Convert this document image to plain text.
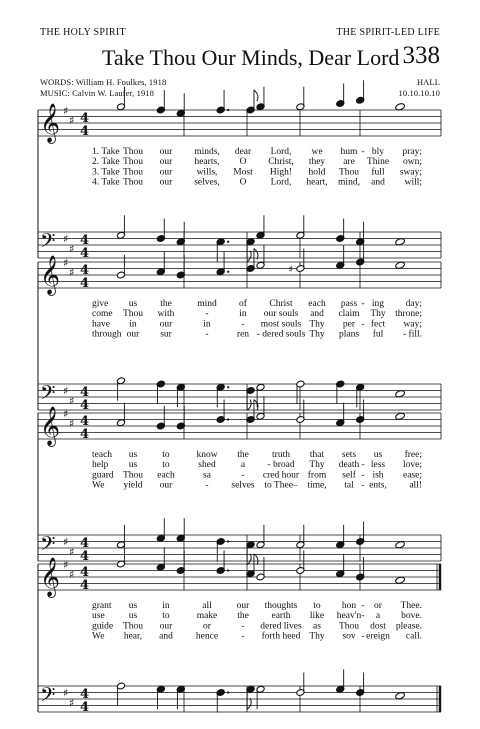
THE HOLY SPIRIT	THE SPIRIT-LED LIFE
Take Thou Our Minds, Dear Lord 338
WORDS: William H. Foulkes, 1918
MUSIC: Calvin W. Laufer, 1918
HALL
10.10.10.10
𝄞 ♯
♯ 4
4
𝄢 ♯
♯
4
4
1. Take Thou our minds, dear Lord, we hum - bly pray;
2. Take Thou our hearts, O Christ, they are Thine own;
3. Take Thou our	wills, Most High! hold Thou full sway;
4. Take Thou our selves, O	Lord, heart, mind, and will;
𝄞 ♯
♯ 4
4
𝄢 ♯
♯
4
4
♯
give us the	mind of Christ each pass - ing day;
come Thou with	-	in our souls and claim Thy throne;
have in our	in	- most souls Thy per - fect way;
through our sur	-	ren - dered souls Thy plans ful - fill.
𝄞 ♯
♯ 4
4
𝄢 ♯
♯
4
4
teach us	to	know the truth that sets us free;
help us	to	shed	a - broad Thy death - less love;
guard Thou each	sa	- cred hour from self - ish ease;
We yield our	- selves to Thee– time, tal - ents, all!
𝄞 ♯
♯ 4
4
𝄢 ♯
♯
4
4
♯
grant us	in	all	our thoughts to hon - or Thee.
use	us	to	make the earth like heav'n - a bove.
guide Thou our	or	- dered lives as Thou dost please.
We hear, and hence - forth heed Thy sov - ereign call.
